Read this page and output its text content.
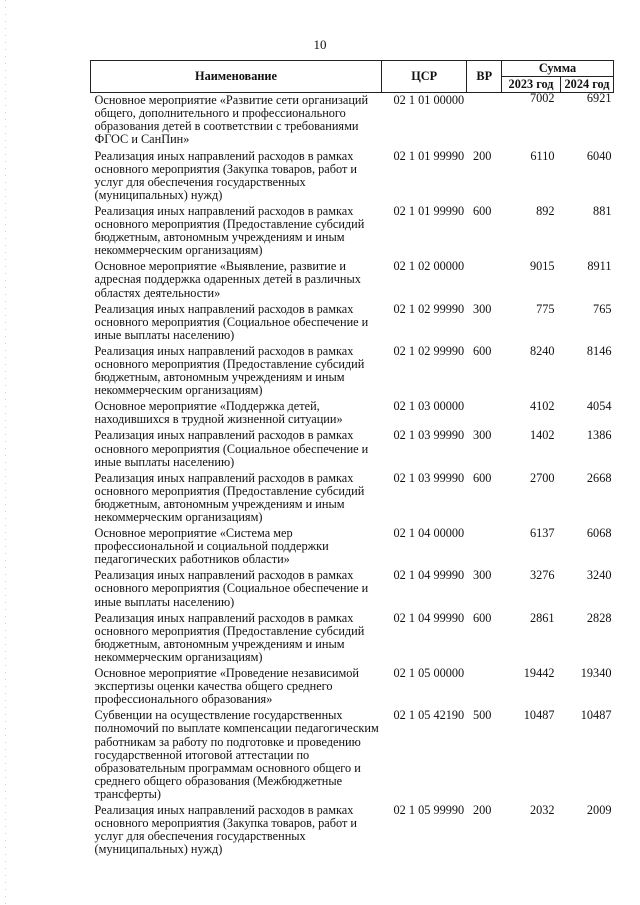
10
Наименование	ЦСР	ВР	Сумма	
			2023 год	2024 год
Основное мероприятие «Развитие сети организаций общего, дополнительного и профессионального образования детей в соответствии с требованиями ФГОС и СанПин»	02 1 01 00000		7002	6921
Реализация иных направлений расходов в рамках основного мероприятия (Закупка товаров, работ и услуг для обеспечения государственных (муниципальных) нужд)	02 1 01 99990	200	6110	6040
Реализация иных направлений расходов в рамках основного мероприятия (Предоставление субсидий бюджетным, автономным учреждениям и иным некоммерческим организациям)	02 1 01 99990	600	892	881
Основное мероприятие «Выявление, развитие и адресная поддержка одаренных детей в различных областях деятельности»	02 1 02 00000		9015	8911
Реализация иных направлений расходов в рамках основного мероприятия (Социальное обеспечение и иные выплаты населению)	02 1 02 99990	300	775	765
Реализация иных направлений расходов в рамках основного мероприятия (Предоставление субсидий бюджетным, автономным учреждениям и иным некоммерческим организациям)	02 1 02 99990	600	8240	8146
Основное мероприятие «Поддержка детей, находившихся в трудной жизненной ситуации»	02 1 03 00000		4102	4054
Реализация иных направлений расходов в рамках основного мероприятия (Социальное обеспечение и иные выплаты населению)	02 1 03 99990	300	1402	1386
Реализация иных направлений расходов в рамках основного мероприятия (Предоставление субсидий бюджетным, автономным учреждениям и иным некоммерческим организациям)	02 1 03 99990	600	2700	2668
Основное мероприятие «Система мер профессиональной и социальной поддержки педагогических работников области»	02 1 04 00000		6137	6068
Реализация иных направлений расходов в рамках основного мероприятия (Социальное обеспечение и иные выплаты населению)	02 1 04 99990	300	3276	3240
Реализация иных направлений расходов в рамках основного мероприятия (Предоставление субсидий бюджетным, автономным учреждениям и иным некоммерческим организациям)	02 1 04 99990	600	2861	2828
Основное мероприятие «Проведение независимой экспертизы оценки качества общего среднего профессионального образования»	02 1 05 00000		19442	19340
Субвенции на осуществление государственных полномочий по выплате компенсации педагогическим работникам за работу по подготовке и проведению государственной итоговой аттестации по образовательным программам основного общего и среднего общего образования (Межбюджетные трансферты)	02 1 05 42190	500	10487	10487
Реализация иных направлений расходов в рамках основного мероприятия (Закупка товаров, работ и услуг для обеспечения государственных (муниципальных) нужд)	02 1 05 99990	200	2032	2009
